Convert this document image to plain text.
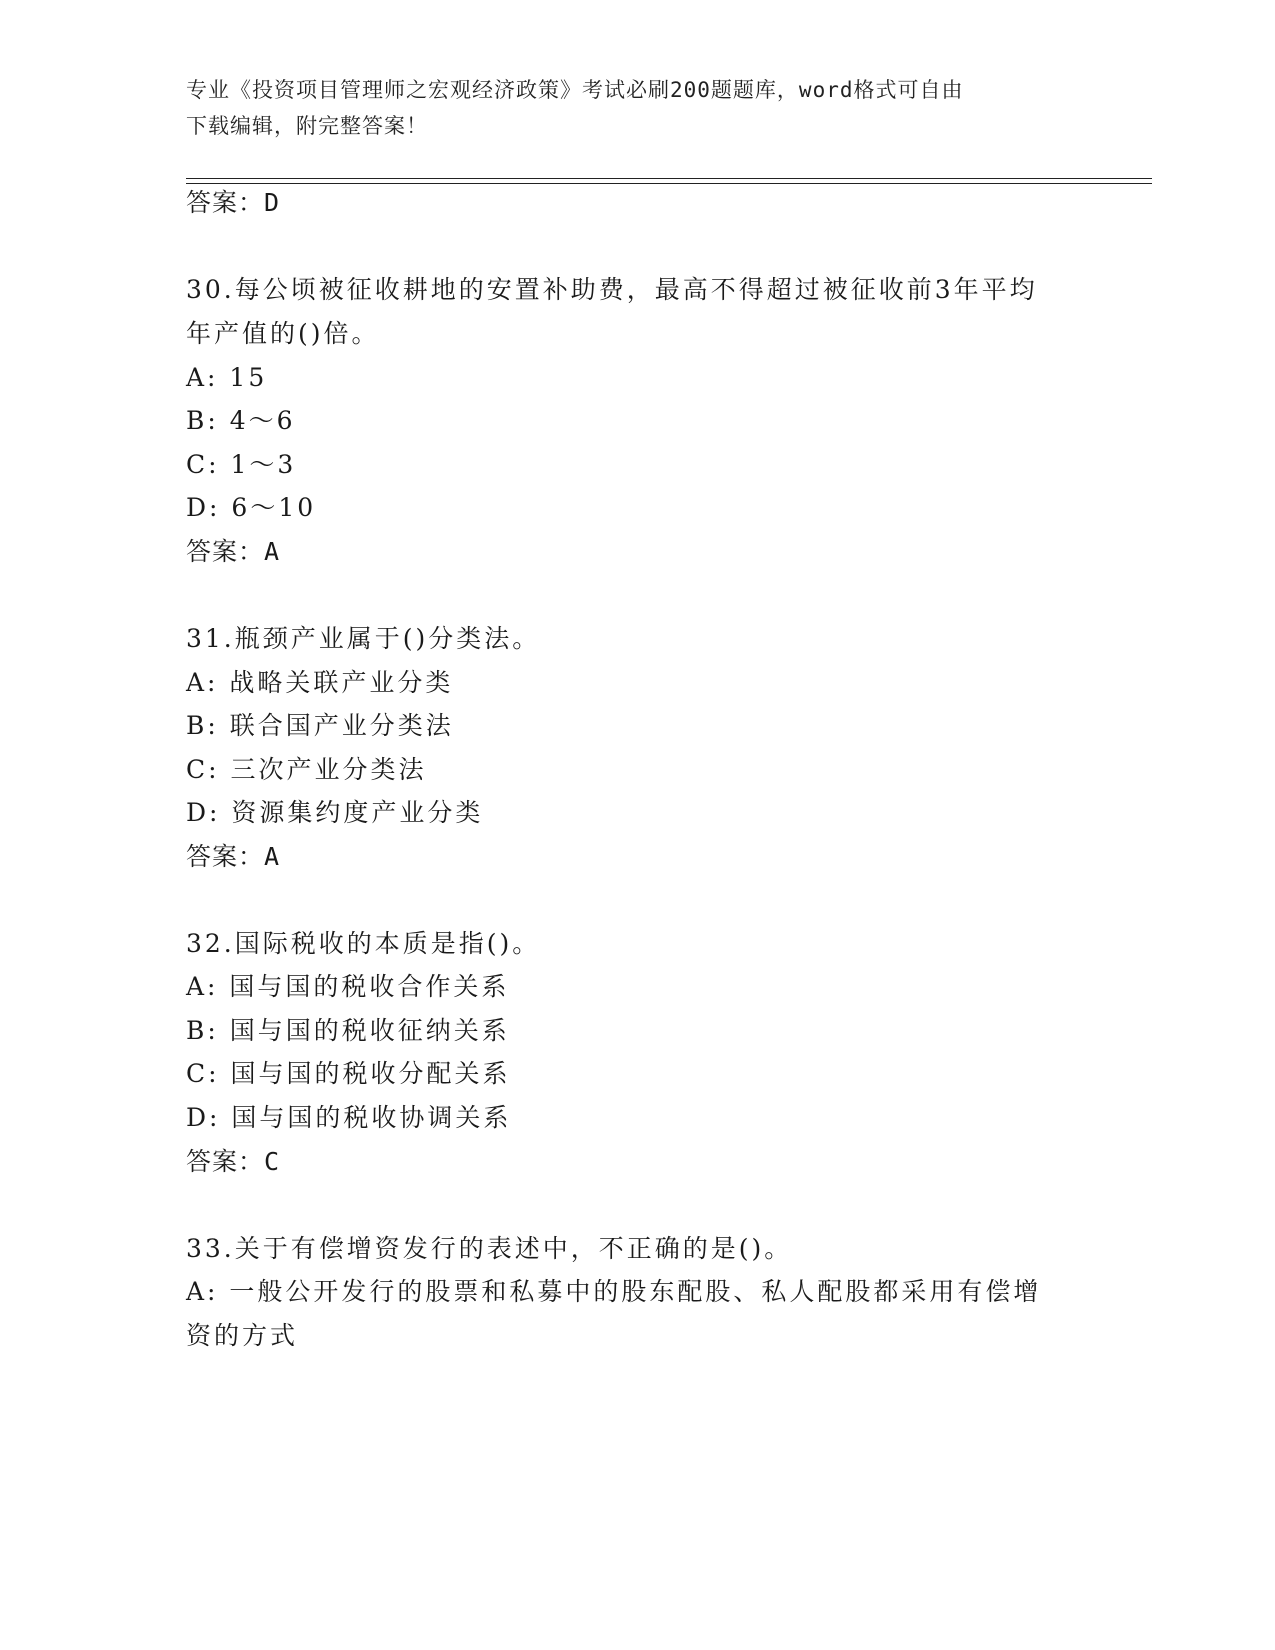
专业《投资项目管理师之宏观经济政策》考试必刷200题题库，word格式可自由
下载编辑，附完整答案！
答案：D
30.每公顷被征收耕地的安置补助费，最高不得超过被征收前3年平均
年产值的()倍。
A: 15
B: 4～6
C: 1～3
D: 6～10
答案：A
31.瓶颈产业属于()分类法。
A: 战略关联产业分类
B: 联合国产业分类法
C: 三次产业分类法
D: 资源集约度产业分类
答案：A
32.国际税收的本质是指()。
A: 国与国的税收合作关系
B: 国与国的税收征纳关系
C: 国与国的税收分配关系
D: 国与国的税收协调关系
答案：C
33.关于有偿增资发行的表述中，不正确的是()。
A: 一般公开发行的股票和私募中的股东配股、私人配股都采用有偿增
资的方式
